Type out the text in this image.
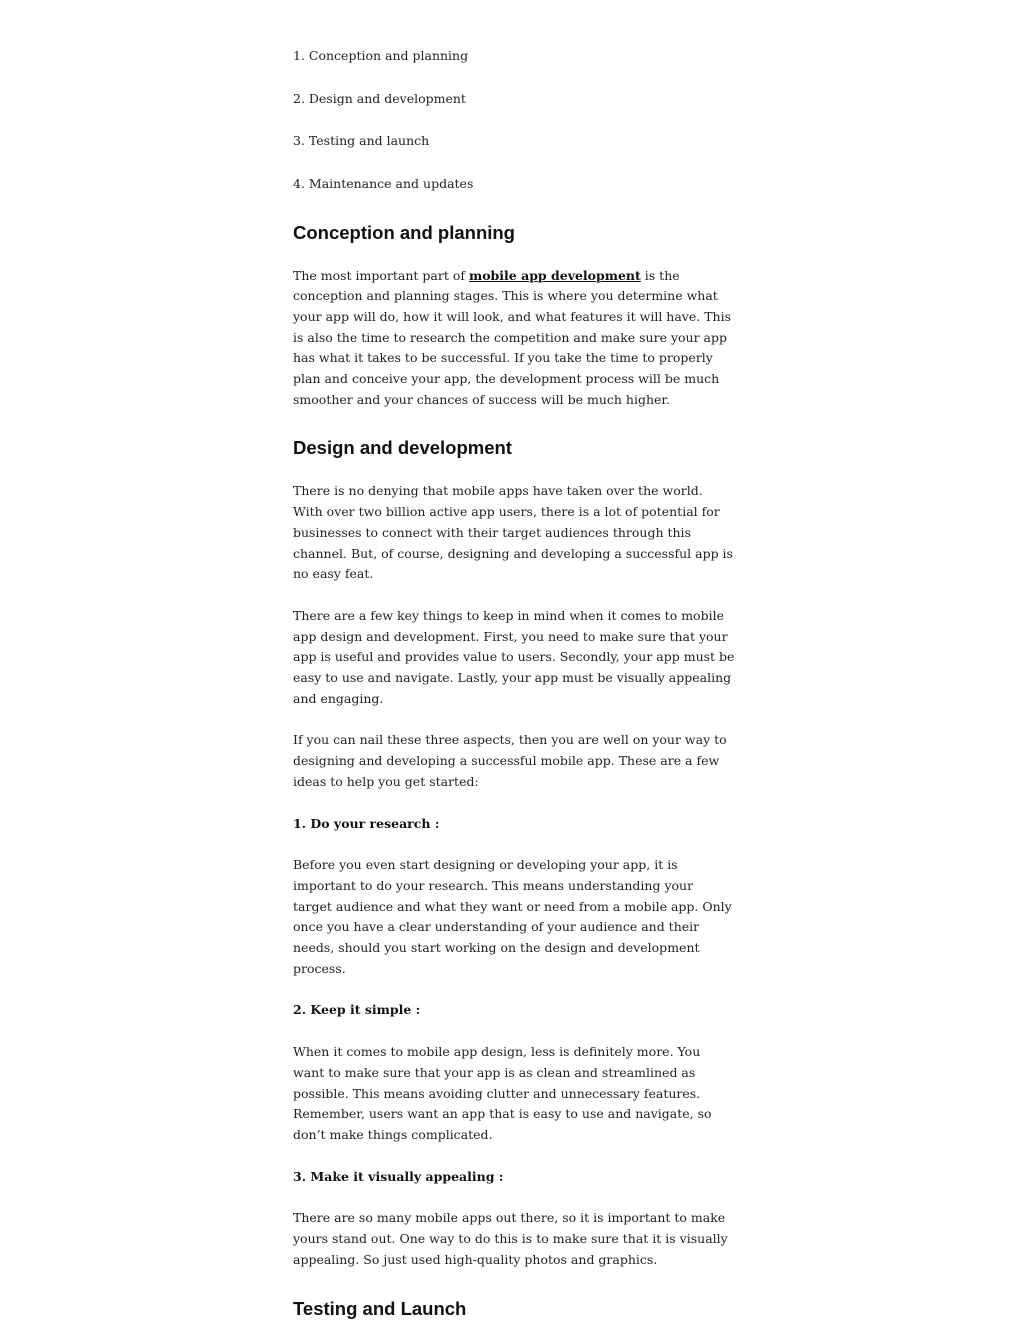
1. Conception and planning

2. Design and development

3. Testing and launch

4. Maintenance and updates

Conception and planning

The most important part of mobile app development is the conception and planning stages. This is where you determine what your app will do, how it will look, and what features it will have. This is also the time to research the competition and make sure your app has what it takes to be successful. If you take the time to properly plan and conceive your app, the development process will be much smoother and your chances of success will be much higher.

Design and development

There is no denying that mobile apps have taken over the world. With over two billion active app users, there is a lot of potential for businesses to connect with their target audiences through this channel. But, of course, designing and developing a successful app is no easy feat.

There are a few key things to keep in mind when it comes to mobile app design and development. First, you need to make sure that your app is useful and provides value to users. Secondly, your app must be easy to use and navigate. Lastly, your app must be visually appealing and engaging.

If you can nail these three aspects, then you are well on your way to designing and developing a successful mobile app. These are a few ideas to help you get started:

1. Do your research :

Before you even start designing or developing your app, it is important to do your research. This means understanding your target audience and what they want or need from a mobile app. Only once you have a clear understanding of your audience and their needs, should you start working on the design and development process.

2. Keep it simple :

When it comes to mobile app design, less is definitely more. You want to make sure that your app is as clean and streamlined as possible. This means avoiding clutter and unnecessary features. Remember, users want an app that is easy to use and navigate, so don’t make things complicated.

3. Make it visually appealing :

There are so many mobile apps out there, so it is important to make yours stand out. One way to do this is to make sure that it is visually appealing. So just used high-quality photos and graphics.

Testing and Launch
